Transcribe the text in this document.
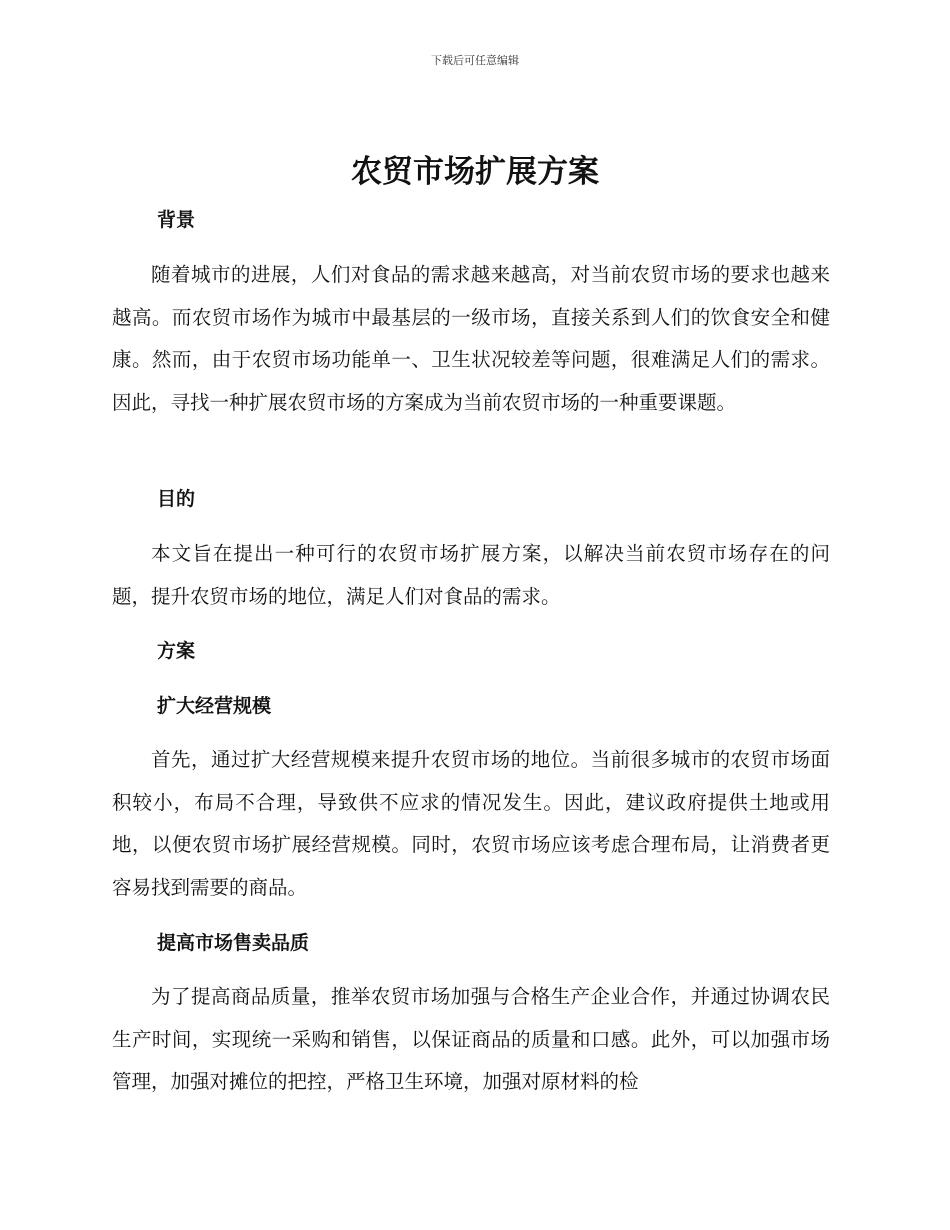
下载后可任意编辑
农贸市场扩展方案
背景

随着城市的进展，人们对食品的需求越来越高，对当前农贸市场的要求也越来越高。而农贸市场作为城市中最基层的一级市场，直接关系到人们的饮食安全和健康。然而，由于农贸市场功能单一、卫生状况较差等问题，很难满足人们的需求。因此，寻找一种扩展农贸市场的方案成为当前农贸市场的一种重要课题。

目的

本文旨在提出一种可行的农贸市场扩展方案，以解决当前农贸市场存在的问题，提升农贸市场的地位，满足人们对食品的需求。

方案
扩大经营规模

首先，通过扩大经营规模来提升农贸市场的地位。当前很多城市的农贸市场面积较小，布局不合理，导致供不应求的情况发生。因此，建议政府提供土地或用地，以便农贸市场扩展经营规模。同时，农贸市场应该考虑合理布局，让消费者更容易找到需要的商品。

提高市场售卖品质

为了提高商品质量，推举农贸市场加强与合格生产企业合作，并通过协调农民生产时间，实现统一采购和销售，以保证商品的质量和口感。此外，可以加强市场管理，加强对摊位的把控，严格卫生环境，加强对原材料的检
